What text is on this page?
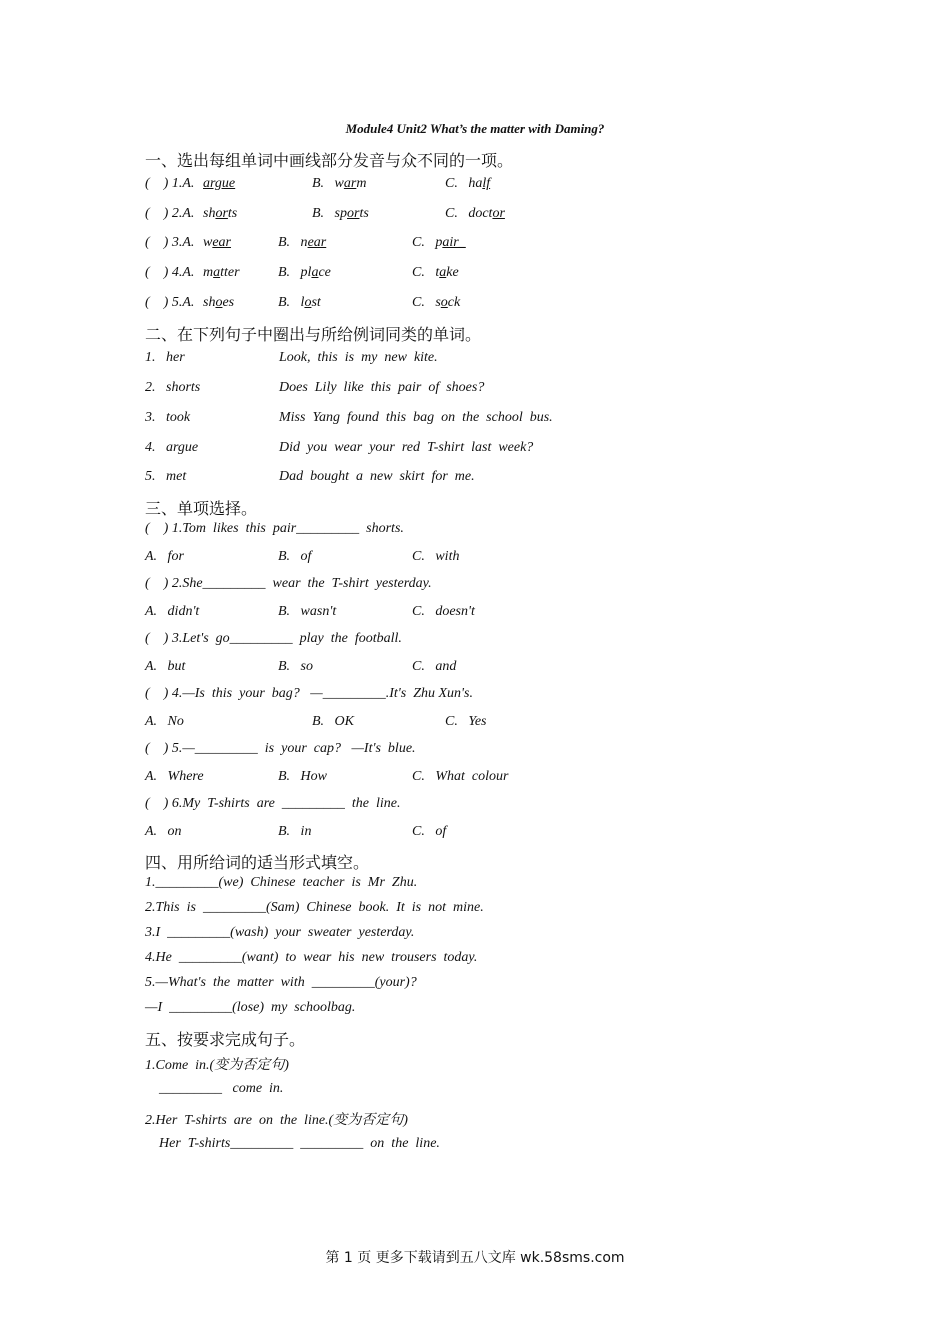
Module4 Unit2 What’s the matter with Daming?
一、选出每组单词中画线部分发音与众不同的一项。
(    ) 1.A. argue	B.   warm	C.   half
(    ) 2.A. shorts	B.   sports	C.   doctor
(    ) 3.A. wear	B.   near	C.   pair_
(    ) 4.A. matter	B.   place	C.   take
(    ) 5.A. shoes	B.   lost	C.   sock
二、在下列句子中圈出与所给例词同类的单词。
1.   her	Look,  this  is  my  new  kite.
2.   shorts	Does  Lily  like  this  pair  of  shoes?
3.   took	Miss  Yang  found  this  bag  on  the  school  bus.
4.   argue	Did  you  wear  your  red  T-shirt  last  week?
5.   met	Dad  bought  a  new  skirt  for  me.
三、单项选择。
(    ) 1.Tom  likes  this  pair_________  shorts.
A.   for	B.   of	C.   with
(    ) 2.She_________  wear  the  T-shirt  yesterday.
A.   didn't	B.   wasn't	C.   doesn't
(    ) 3.Let's  go_________  play  the  football.
A.   but	B.   so	C.   and
(    ) 4.—Is  this  your  bag?   —_________.It's  Zhu Xun's.
A.   No	B.   OK	C.   Yes
(    ) 5.—_________  is  your  cap?   —It's  blue.
A.   Where	B.   How	C.   What  colour
(    ) 6.My  T-shirts  are  _________  the  line.
A.   on	B.   in	C.   of
四、用所给词的适当形式填空。
1._________(we)  Chinese  teacher  is  Mr  Zhu.
2.This  is  _________(Sam)  Chinese  book.  It  is  not  mine.
3.I  _________(wash)  your  sweater  yesterday.
4.He  _________(want)  to  wear  his  new  trousers  today.
5.—What's  the  matter  with  _________(your)?
—I  _________(lose)  my  schoolbag.
五、按要求完成句子。
1.Come  in.(变为否定句)
_________   come  in.
2.Her  T-shirts  are  on  the  line.(变为否定句)
Her  T-shirts_________  _________  on  the  line.
第 1 页 更多下载请到五八文库 wk.58sms.com
